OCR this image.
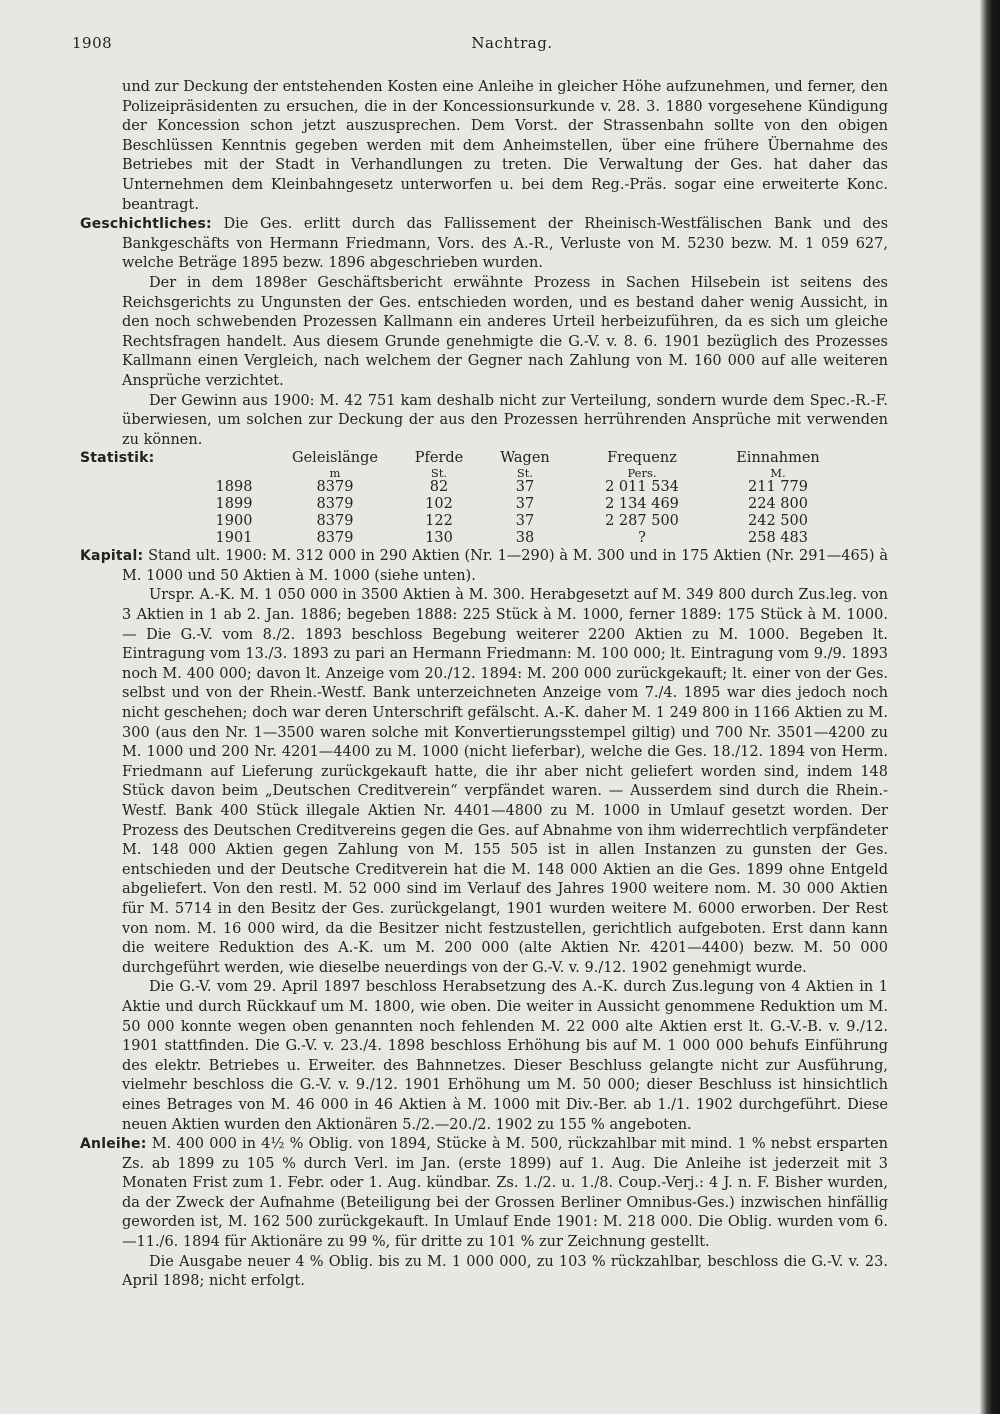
1908	Nachtrag.

und zur Deckung der entstehenden Kosten eine Anleihe in gleicher Höhe aufzunehmen, und ferner, den Polizeipräsidenten zu ersuchen, die in der Koncessionsurkunde v. 28. 3. 1880 vorgesehene Kündigung der Koncession schon jetzt auszusprechen. Dem Vorst. der Strassenbahn sollte von den obigen Beschlüssen Kenntnis gegeben werden mit dem Anheimstellen, über eine frühere Übernahme des Betriebes mit der Stadt in Verhandlungen zu treten. Die Verwaltung der Ges. hat daher das Unternehmen dem Kleinbahngesetz unterworfen u. bei dem Reg.-Präs. sogar eine erweiterte Konc. beantragt.

Geschichtliches: Die Ges. erlitt durch das Fallissement der Rheinisch-Westfälischen Bank und des Bankgeschäfts von Hermann Friedmann, Vors. des A.-R., Verluste von M. 5230 bezw. M. 1 059 627, welche Beträge 1895 bezw. 1896 abgeschrieben wurden.

Der in dem 1898er Geschäftsbericht erwähnte Prozess in Sachen Hilsebein ist seitens des Reichsgerichts zu Ungunsten der Ges. entschieden worden, und es bestand daher wenig Aussicht, in den noch schwebenden Prozessen Kallmann ein anderes Urteil herbeizuführen, da es sich um gleiche Rechtsfragen handelt. Aus diesem Grunde genehmigte die G.-V. v. 8. 6. 1901 bezüglich des Prozesses Kallmann einen Vergleich, nach welchem der Gegner nach Zahlung von M. 160 000 auf alle weiteren Ansprüche verzichtet.

Der Gewinn aus 1900: M. 42 751 kam deshalb nicht zur Verteilung, sondern wurde dem Spec.-R.-F. überwiesen, um solchen zur Deckung der aus den Prozessen herrührenden Ansprüche mit verwenden zu können.

Statistik:		Geleislänge	Pferde	Wagen	Frequenz	Einnahmen
		m	St.	St.	Pers.	M.
	1898	8379	82	37	2 011 534	211 779
	1899	8379	102	37	2 134 469	224 800
	1900	8379	122	37	2 287 500	242 500
	1901	8379	130	38	?	258 483

Kapital: Stand ult. 1900: M. 312 000 in 290 Aktien (Nr. 1—290) à M. 300 und in 175 Aktien (Nr. 291—465) à M. 1000 und 50 Aktien à M. 1000 (siehe unten).

Urspr. A.-K. M. 1 050 000 in 3500 Aktien à M. 300. Herabgesetzt auf M. 349 800 durch Zus.leg. von 3 Aktien in 1 ab 2. Jan. 1886; begeben 1888: 225 Stück à M. 1000, ferner 1889: 175 Stück à M. 1000. — Die G.-V. vom 8./2. 1893 beschloss Begebung weiterer 2200 Aktien zu M. 1000. Begeben lt. Eintragung vom 13./3. 1893 zu pari an Hermann Friedmann: M. 100 000; lt. Eintragung vom 9./9. 1893 noch M. 400 000; davon lt. Anzeige vom 20./12. 1894: M. 200 000 zurückgekauft; lt. einer von der Ges. selbst und von der Rhein.-Westf. Bank unterzeichneten Anzeige vom 7./4. 1895 war dies jedoch noch nicht geschehen; doch war deren Unterschrift gefälscht. A.-K. daher M. 1 249 800 in 1166 Aktien zu M. 300 (aus den Nr. 1—3500 waren solche mit Konvertierungsstempel giltig) und 700 Nr. 3501—4200 zu M. 1000 und 200 Nr. 4201—4400 zu M. 1000 (nicht lieferbar), welche die Ges. 18./12. 1894 von Herm. Friedmann auf Lieferung zurückgekauft hatte, die ihr aber nicht geliefert worden sind, indem 148 Stück davon beim „Deutschen Creditverein“ verpfändet waren. — Ausserdem sind durch die Rhein.-Westf. Bank 400 Stück illegale Aktien Nr. 4401—4800 zu M. 1000 in Umlauf gesetzt worden. Der Prozess des Deutschen Creditvereins gegen die Ges. auf Abnahme von ihm widerrechtlich verpfändeter M. 148 000 Aktien gegen Zahlung von M. 155 505 ist in allen Instanzen zu gunsten der Ges. entschieden und der Deutsche Creditverein hat die M. 148 000 Aktien an die Ges. 1899 ohne Entgeld abgeliefert. Von den restl. M. 52 000 sind im Verlauf des Jahres 1900 weitere nom. M. 30 000 Aktien für M. 5714 in den Besitz der Ges. zurückgelangt, 1901 wurden weitere M. 6000 erworben. Der Rest von nom. M. 16 000 wird, da die Besitzer nicht festzustellen, gerichtlich aufgeboten. Erst dann kann die weitere Reduktion des A.-K. um M. 200 000 (alte Aktien Nr. 4201—4400) bezw. M. 50 000 durchgeführt werden, wie dieselbe neuerdings von der G.-V. v. 9./12. 1902 genehmigt wurde.

Die G.-V. vom 29. April 1897 beschloss Herabsetzung des A.-K. durch Zus.legung von 4 Aktien in 1 Aktie und durch Rückkauf um M. 1800, wie oben. Die weiter in Aussicht genommene Reduktion um M. 50 000 konnte wegen oben genannten noch fehlenden M. 22 000 alte Aktien erst lt. G.-V.-B. v. 9./12. 1901 stattfinden. Die G.-V. v. 23./4. 1898 beschloss Erhöhung bis auf M. 1 000 000 behufs Einführung des elektr. Betriebes u. Erweiter. des Bahnnetzes. Dieser Beschluss gelangte nicht zur Ausführung, vielmehr beschloss die G.-V. v. 9./12. 1901 Erhöhung um M. 50 000; dieser Beschluss ist hinsichtlich eines Betrages von M. 46 000 in 46 Aktien à M. 1000 mit Div.-Ber. ab 1./1. 1902 durchgeführt. Diese neuen Aktien wurden den Aktionären 5./2.—20./2. 1902 zu 155 % angeboten.

Anleihe: M. 400 000 in 4½ % Oblig. von 1894, Stücke à M. 500, rückzahlbar mit mind. 1 % nebst ersparten Zs. ab 1899 zu 105 % durch Verl. im Jan. (erste 1899) auf 1. Aug. Die Anleihe ist jederzeit mit 3 Monaten Frist zum 1. Febr. oder 1. Aug. kündbar. Zs. 1./2. u. 1./8. Coup.-Verj.: 4 J. n. F. Bisher wurden, da der Zweck der Aufnahme (Beteiligung bei der Grossen Berliner Omnibus-Ges.) inzwischen hinfällig geworden ist, M. 162 500 zurückgekauft. In Umlauf Ende 1901: M. 218 000. Die Oblig. wurden vom 6.—11./6. 1894 für Aktionäre zu 99 %, für dritte zu 101 % zur Zeichnung gestellt.

Die Ausgabe neuer 4 % Oblig. bis zu M. 1 000 000, zu 103 % rückzahlbar, beschloss die G.-V. v. 23. April 1898; nicht erfolgt.
